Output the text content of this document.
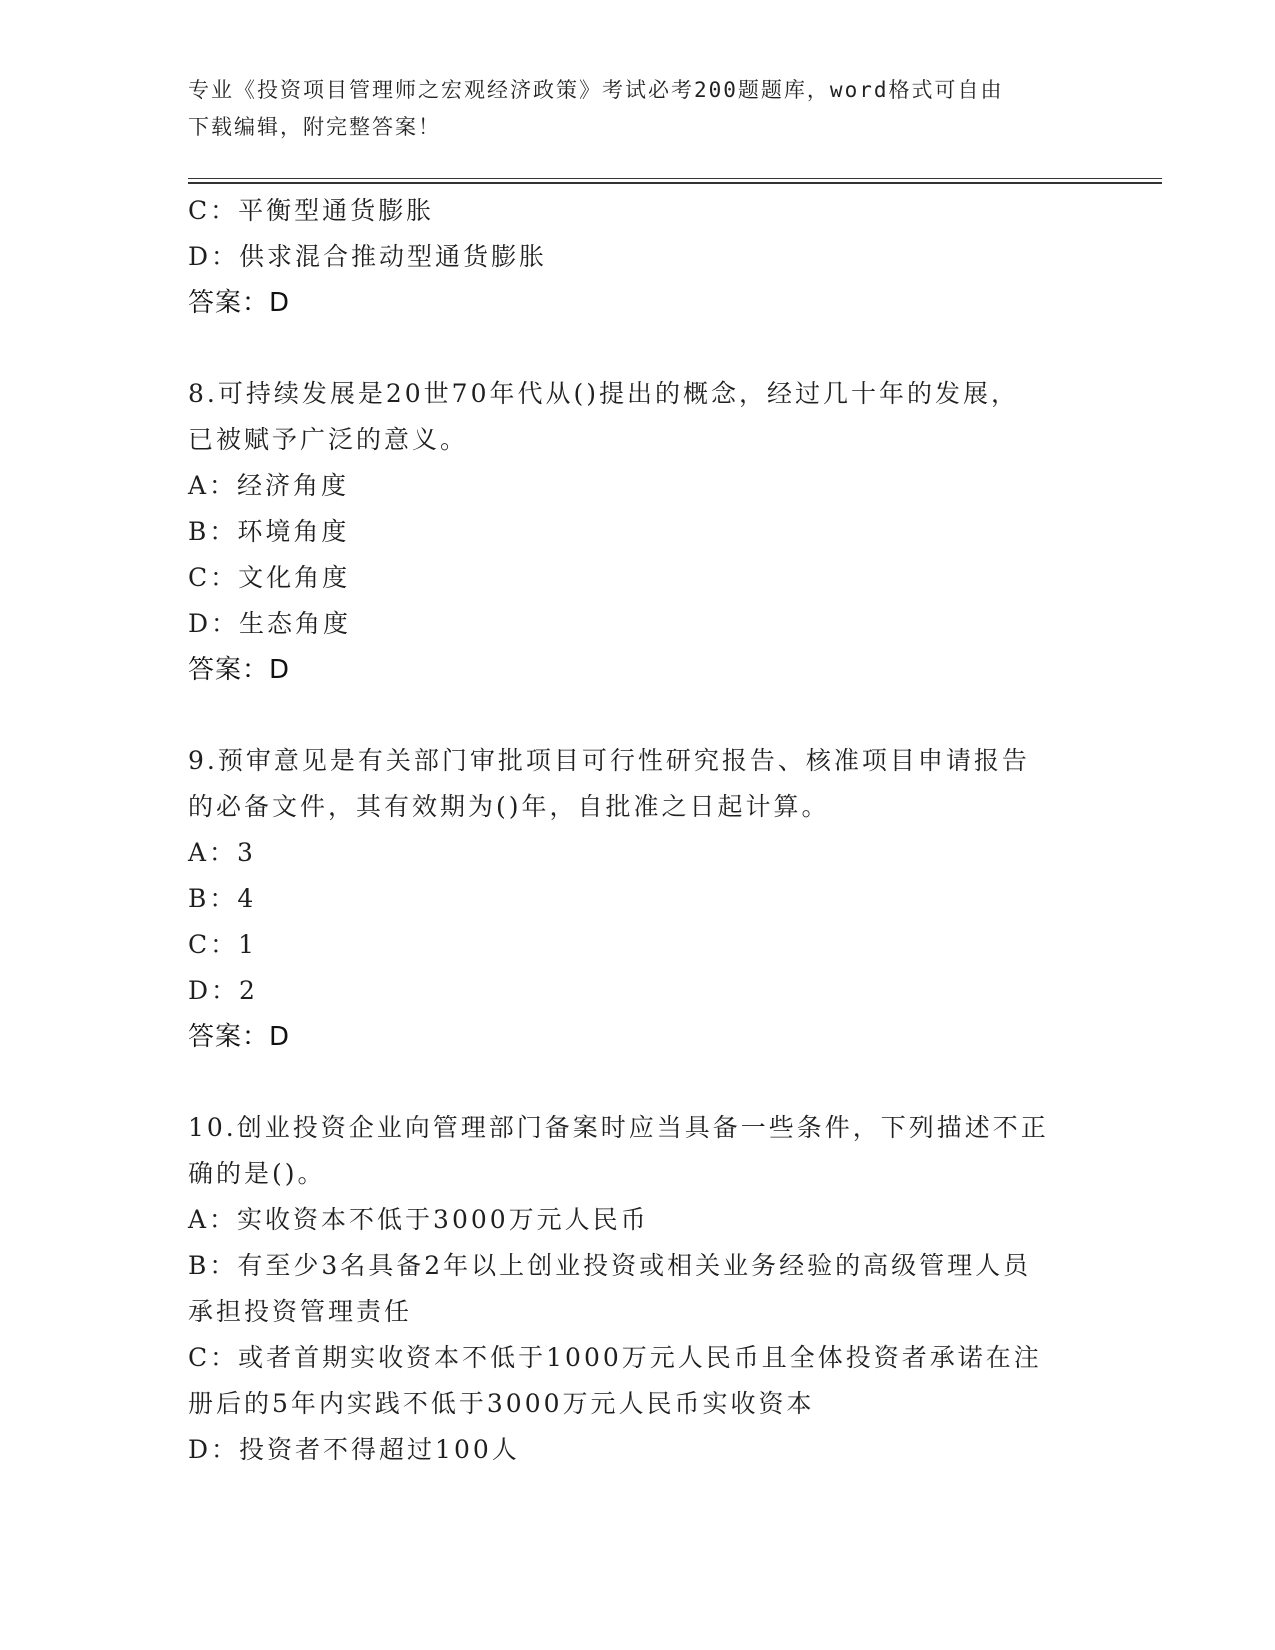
专业《投资项目管理师之宏观经济政策》考试必考200题题库，word格式可自由
下载编辑，附完整答案！
C：平衡型通货膨胀
D：供求混合推动型通货膨胀
答案：D
8.可持续发展是20世70年代从()提出的概念，经过几十年的发展，
已被赋予广泛的意义。
A：经济角度
B：环境角度
C：文化角度
D：生态角度
答案：D
9.预审意见是有关部门审批项目可行性研究报告、核准项目申请报告
的必备文件，其有效期为()年，自批准之日起计算。
A：3
B：4
C：1
D：2
答案：D
10.创业投资企业向管理部门备案时应当具备一些条件，下列描述不正
确的是()。
A：实收资本不低于3000万元人民币
B：有至少3名具备2年以上创业投资或相关业务经验的高级管理人员
承担投资管理责任
C：或者首期实收资本不低于1000万元人民币且全体投资者承诺在注
册后的5年内实践不低于3000万元人民币实收资本
D：投资者不得超过100人
